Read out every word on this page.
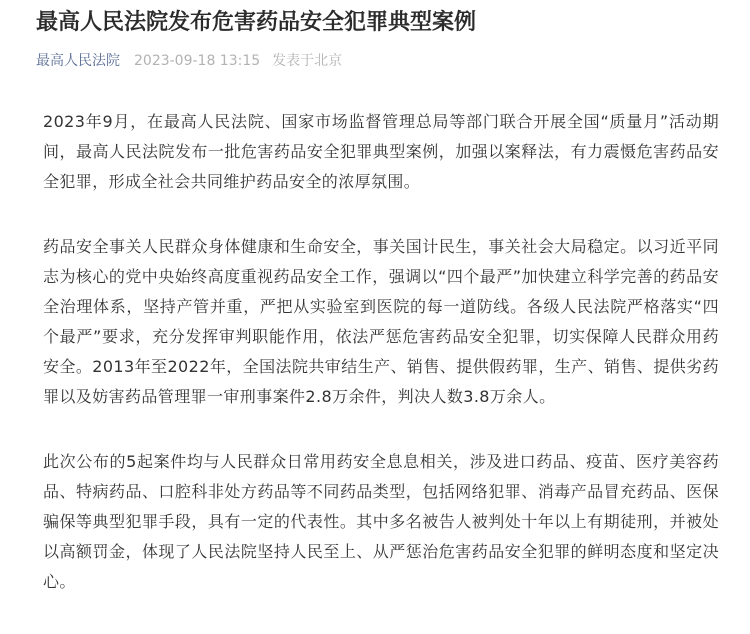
最高人民法院发布危害药品安全犯罪典型案例
最高人民法院 2023-09-18 13:15 发表于北京

2023年9月，在最高人民法院、国家市场监督管理总局等部门联合开展全国“质量月”活动期间，最高人民法院发布一批危害药品安全犯罪典型案例，加强以案释法，有力震慑危害药品安全犯罪，形成全社会共同维护药品安全的浓厚氛围。

药品安全事关人民群众身体健康和生命安全，事关国计民生，事关社会大局稳定。以习近平同志为核心的党中央始终高度重视药品安全工作，强调以“四个最严”加快建立科学完善的药品安全治理体系，坚持产管并重，严把从实验室到医院的每一道防线。各级人民法院严格落实“四个最严”要求，充分发挥审判职能作用，依法严惩危害药品安全犯罪，切实保障人民群众用药安全。2013年至2022年，全国法院共审结生产、销售、提供假药罪，生产、销售、提供劣药罪以及妨害药品管理罪一审刑事案件2.8万余件，判决人数3.8万余人。

此次公布的5起案件均与人民群众日常用药安全息息相关，涉及进口药品、疫苗、医疗美容药品、特病药品、口腔科非处方药品等不同药品类型，包括网络犯罪、消毒产品冒充药品、医保骗保等典型犯罪手段，具有一定的代表性。其中多名被告人被判处十年以上有期徒刑，并被处以高额罚金，体现了人民法院坚持人民至上、从严惩治危害药品安全犯罪的鲜明态度和坚定决心。
